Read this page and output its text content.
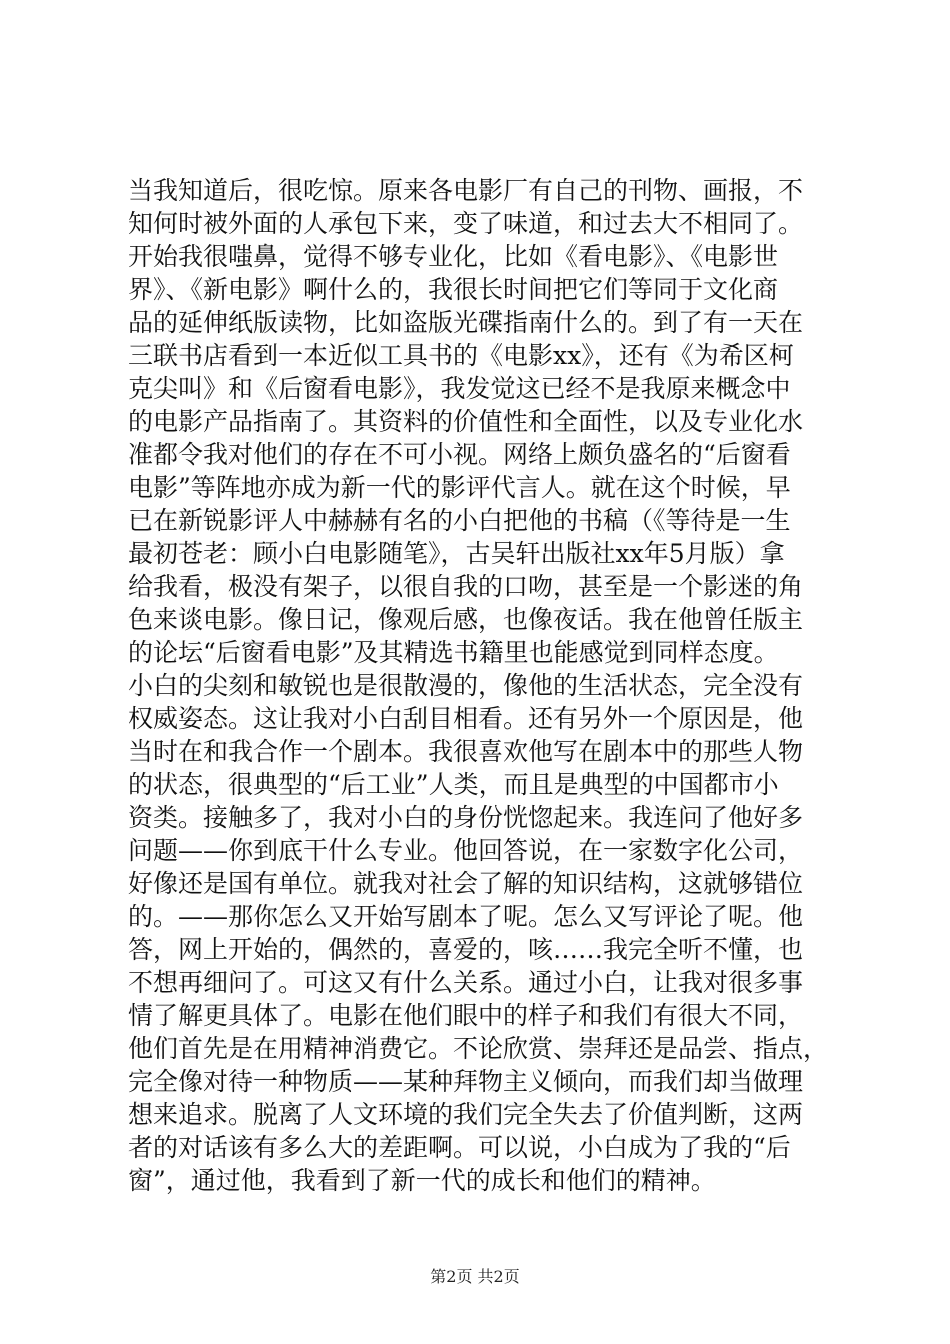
当我知道后，很吃惊。原来各电影厂有自己的刊物、画报，不
知何时被外面的人承包下来，变了味道，和过去大不相同了。
开始我很嗤鼻，觉得不够专业化，比如《看电影》、《电影世
界》、《新电影》啊什么的，我很长时间把它们等同于文化商
品的延伸纸版读物，比如盗版光碟指南什么的。到了有一天在
三联书店看到一本近似工具书的《电影xx》，还有《为希区柯
克尖叫》和《后窗看电影》，我发觉这已经不是我原来概念中
的电影产品指南了。其资料的价值性和全面性，以及专业化水
准都令我对他们的存在不可小视。网络上颇负盛名的“后窗看
电影”等阵地亦成为新一代的影评代言人。就在这个时候，早
已在新锐影评人中赫赫有名的小白把他的书稿（《等待是一生
最初苍老：顾小白电影随笔》，古吴轩出版社xx年5月版）拿
给我看，极没有架子，以很自我的口吻，甚至是一个影迷的角
色来谈电影。像日记，像观后感，也像夜话。我在他曾任版主
的论坛“后窗看电影”及其精选书籍里也能感觉到同样态度。
小白的尖刻和敏锐也是很散漫的，像他的生活状态，完全没有
权威姿态。这让我对小白刮目相看。还有另外一个原因是，他
当时在和我合作一个剧本。我很喜欢他写在剧本中的那些人物
的状态，很典型的“后工业”人类，而且是典型的中国都市小
资类。接触多了，我对小白的身份恍惚起来。我连问了他好多
问题——你到底干什么专业。他回答说，在一家数字化公司，
好像还是国有单位。就我对社会了解的知识结构，这就够错位
的。——那你怎么又开始写剧本了呢。怎么又写评论了呢。他
答，网上开始的，偶然的，喜爱的，咳……我完全听不懂，也
不想再细问了。可这又有什么关系。通过小白，让我对很多事
情了解更具体了。电影在他们眼中的样子和我们有很大不同，
他们首先是在用精神消费它。不论欣赏、崇拜还是品尝、指点，
完全像对待一种物质——某种拜物主义倾向，而我们却当做理
想来追求。脱离了人文环境的我们完全失去了价值判断，这两
者的对话该有多么大的差距啊。可以说，小白成为了我的“后
窗”，通过他，我看到了新一代的成长和他们的精神。
第2页 共2页
